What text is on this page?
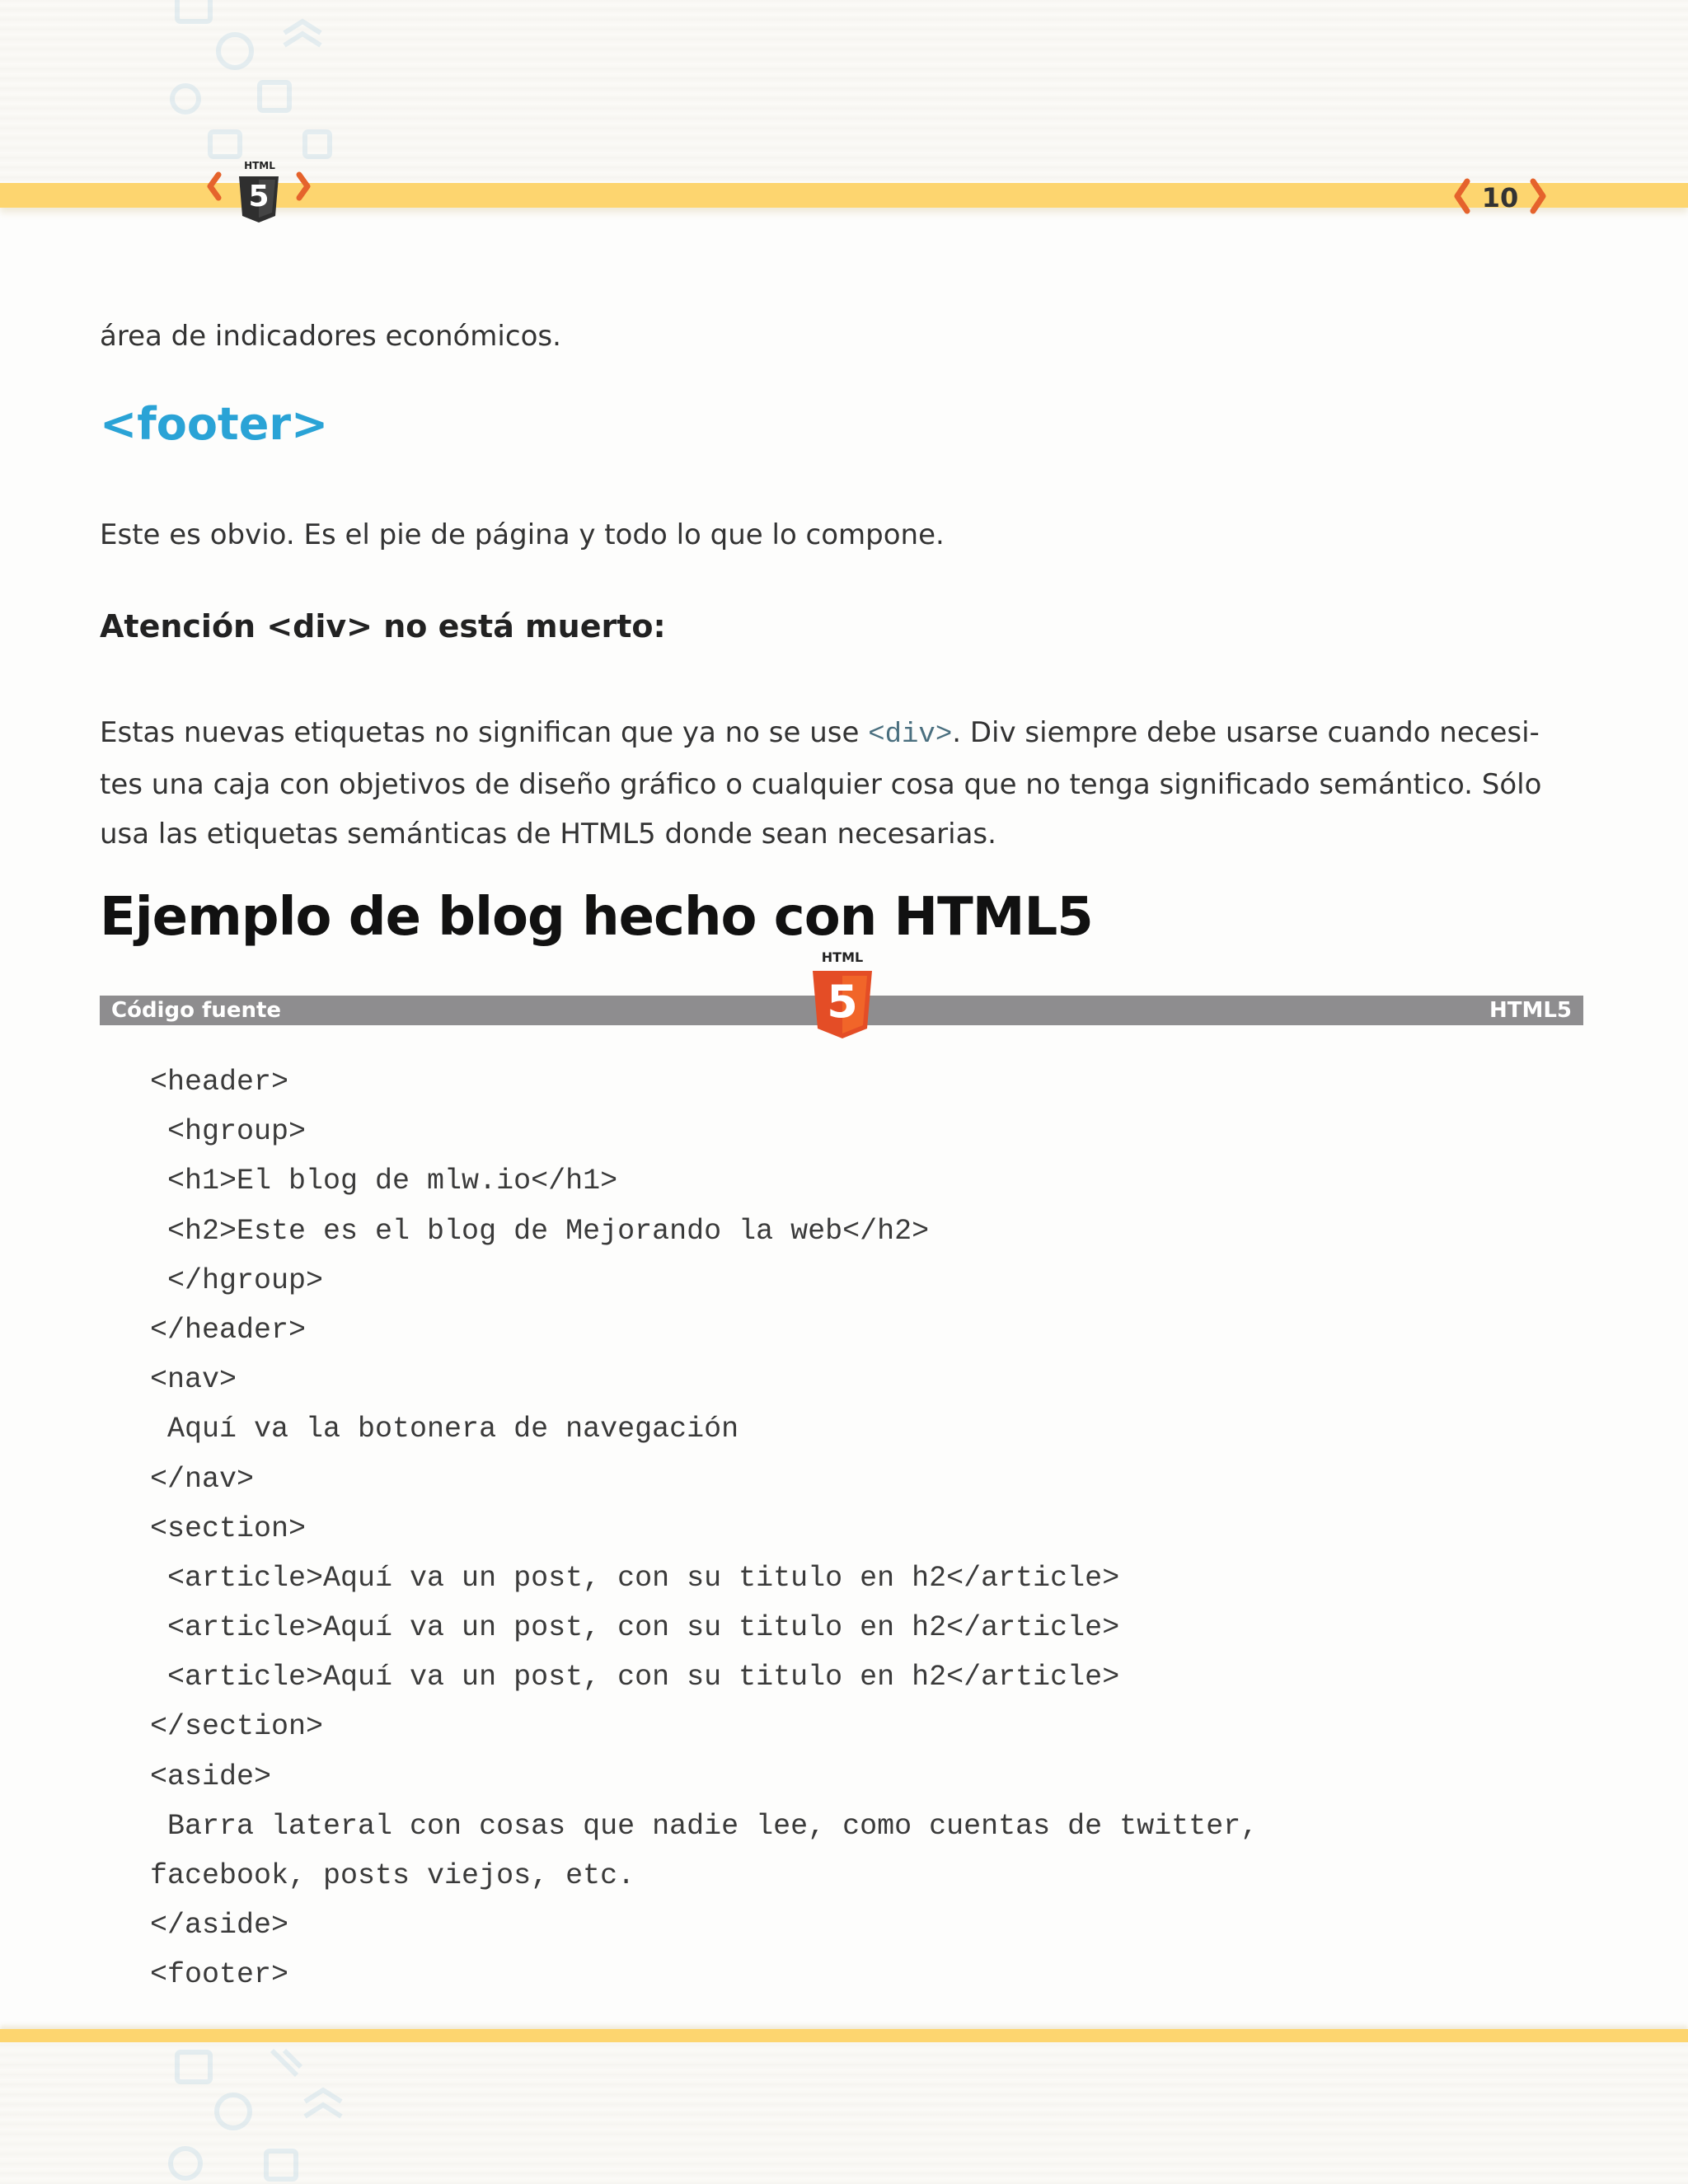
HTML
5	10

área de indicadores económicos.

<footer>

Este es obvio. Es el pie de página y todo lo que lo compone.

Atención <div> no está muerto:

Estas nuevas etiquetas no significan que ya no se use <div>. Div siempre debe usarse cuando necesi-

tes una caja con objetivos de diseño gráfico o cualquier cosa que no tenga significado semántico. Sólo

usa las etiquetas semánticas de HTML5 donde sean necesarias.

Ejemplo de blog hecho con HTML5
Código fuente	HTML5
HTML
5
<header>
<hgroup>
<h1>El blog de mlw.io</h1>
<h2>Este es el blog de Mejorando la web</h2>
</hgroup>
</header>
<nav>
Aquí va la botonera de navegación
</nav>
<section>
<article>Aquí va un post, con su titulo en h2</article>
<article>Aquí va un post, con su titulo en h2</article>
<article>Aquí va un post, con su titulo en h2</article>
</section>
<aside>
Barra lateral con cosas que nadie lee, como cuentas de twitter,
facebook, posts viejos, etc.
</aside>
<footer>
